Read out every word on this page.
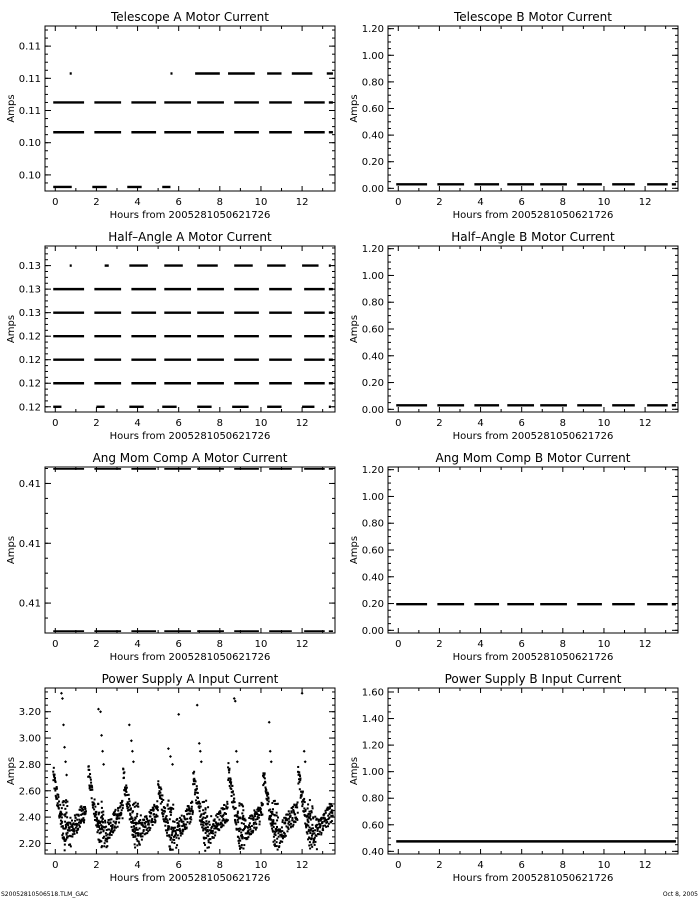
Telescope A Motor Current
Hours from 2005281050621726
Amps
0	2	4	6	8	10	12
0.10
0.10
0.11
0.11
0.11
Telescope B Motor Current
Hours from 2005281050621726
Amps
0	2	4	6	8	10	12
0.00
0.20
0.40
0.60
0.80
1.00
1.20
Half–Angle A Motor Current
Hours from 2005281050621726
Amps
0	2	4	6	8	10	12
0.12
0.12
0.12
0.12
0.13
0.13
0.13
Half–Angle B Motor Current
Hours from 2005281050621726
Amps
0	2	4	6	8	10	12
0.00
0.20
0.40
0.60
0.80
1.00
1.20
Ang Mom Comp A Motor Current
Hours from 2005281050621726
Amps
0	2	4	6	8	10	12
0.41
0.41
0.41
Ang Mom Comp B Motor Current
Hours from 2005281050621726
Amps
0	2	4	6	8	10	12
0.00
0.20
0.40
0.60
0.80
1.00
1.20
Power Supply A Input Current
Hours from 2005281050621726
Amps
0	2	4	6	8	10	12
2.20
2.40
2.60
2.80
3.00
3.20
Power Supply B Input Current
Hours from 2005281050621726
Amps
0	2	4	6	8	10	12
0.40
0.60
0.80
1.00
1.20
1.40
1.60
S20052810506518.TLM_GAC	Oct 8, 2005
